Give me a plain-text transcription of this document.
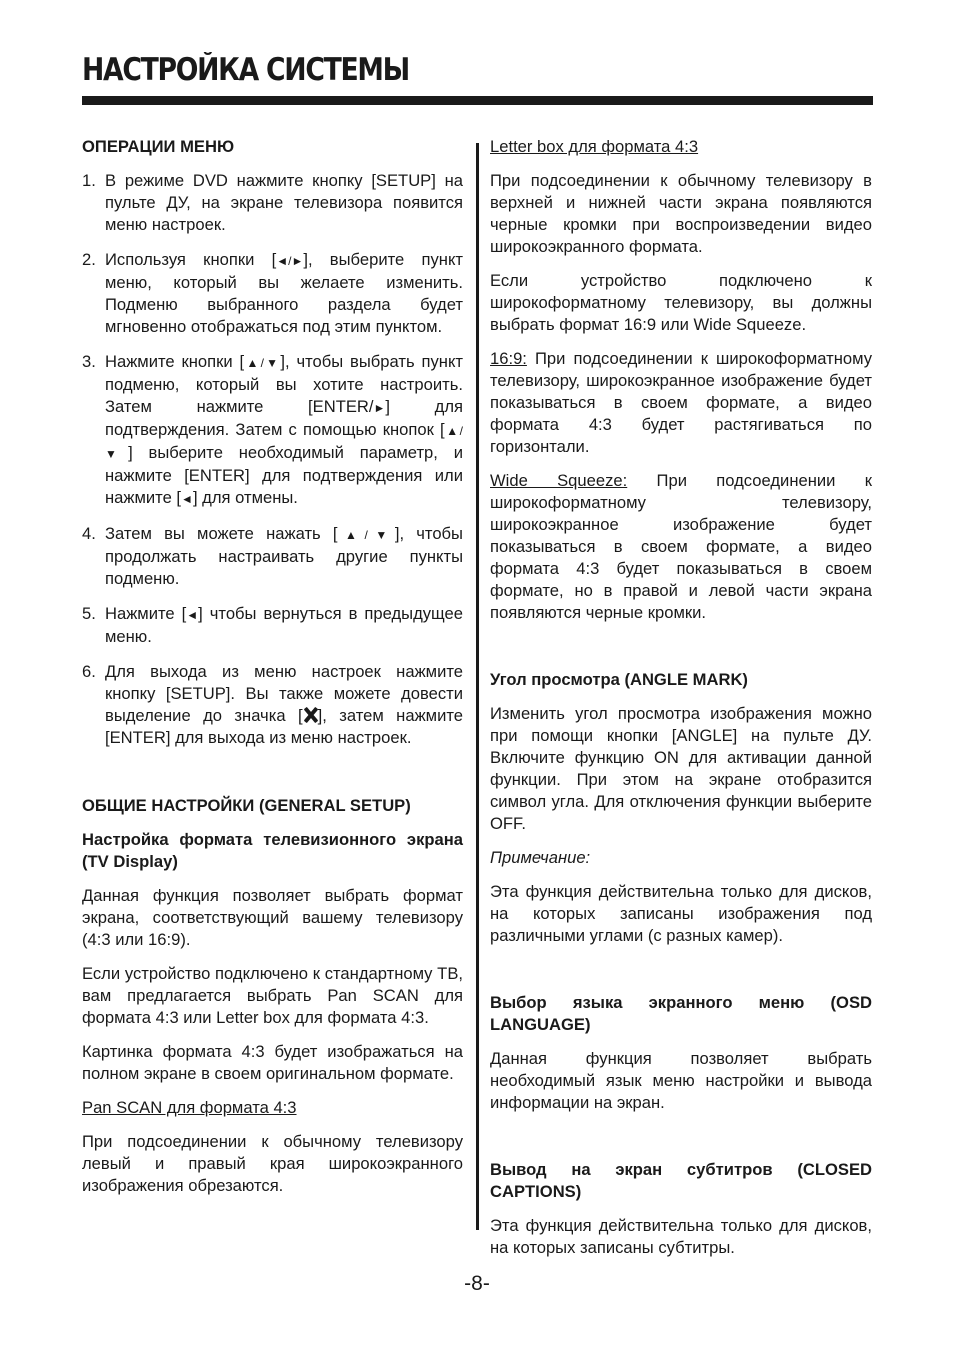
НАСТРОЙКА СИСТЕМЫ
ОПЕРАЦИИ МЕНЮ
1. В режиме DVD нажмите кнопку [SETUP] на пульте ДУ, на экране телевизора появится меню настроек.
2. Используя кнопки [◄/►], выберите пункт меню, который вы желаете изменить. Подменю выбранного раздела будет мгновенно отображаться под этим пунктом.
3. Нажмите кнопки [▲/▼], чтобы выбрать пункт подменю, который вы хотите настроить. Затем нажмите [ENTER/►] для подтверждения. Затем с помощью кнопок [▲/▼] выберите необходимый параметр, и нажмите [ENTER] для подтверждения или нажмите [◄] для отмены.
4. Затем вы можете нажать [▲/▼], чтобы продолжать настраивать другие пункты подменю.
5. Нажмите [◄] чтобы вернуться в предыдущее меню.
6. Для выхода из меню настроек нажмите кнопку [SETUP]. Вы также можете довести выделение до значка [ ], затем нажмите [ENTER] для выхода из меню настроек.
ОБЩИЕ НАСТРОЙКИ (GENERAL SETUP)
Настройка формата телевизионного экрана (TV Display)

Данная функция позволяет выбрать формат экрана, соответствующий вашему телевизору (4:3 или 16:9).

Если устройство подключено к стандартному ТВ, вам предлагается выбрать Pan SCAN для формата 4:3 или Letter box для формата 4:3.

Картинка формата 4:3 будет изображаться на полном экране в своем оригинальном формате.

Pan SCAN для формата 4:3

При подсоединении к обычному телевизору левый и правый края широкоэкранного изображения обрезаются.

Letter box для формата 4:3

При подсоединении к обычному телевизору в верхней и нижней части экрана появляются черные кромки при воспроизведении видео широкоэкранного формата.

Если устройство подключено к широкоформатному телевизору, вы должны выбрать формат 16:9 или Wide Squeeze.

16:9: При подсоединении к широкоформатному телевизору, широкоэкранное изображение будет показываться в своем формате, а видео формата 4:3 будет растягиваться по горизонтали.

Wide Squeeze: При подсоединении к широкоформатному телевизору, широкоэкранное изображение будет показываться в своем формате, а видео формата 4:3 будет показываться в своем формате, но в правой и левой части экрана появляются черные кромки.

Угол просмотра (ANGLE MARK)

Изменить угол просмотра изображения можно при помощи кнопки [ANGLE] на пульте ДУ. Включите функцию ON для активации данной функции. При этом на экране отобразится символ угла. Для отключения функции выберите OFF.

Примечание:

Эта функция действительна только для дисков, на которых записаны изображения под различными углами (с разных камер).

Выбор языка экранного меню (OSD LANGUAGE)

Данная функция позволяет выбрать необходимый язык меню настройки и вывода информации на экран.

Вывод на экран субтитров (CLOSED CAPTIONS)

Эта функция действительна только для дисков, на которых записаны субтитры.

-8-
